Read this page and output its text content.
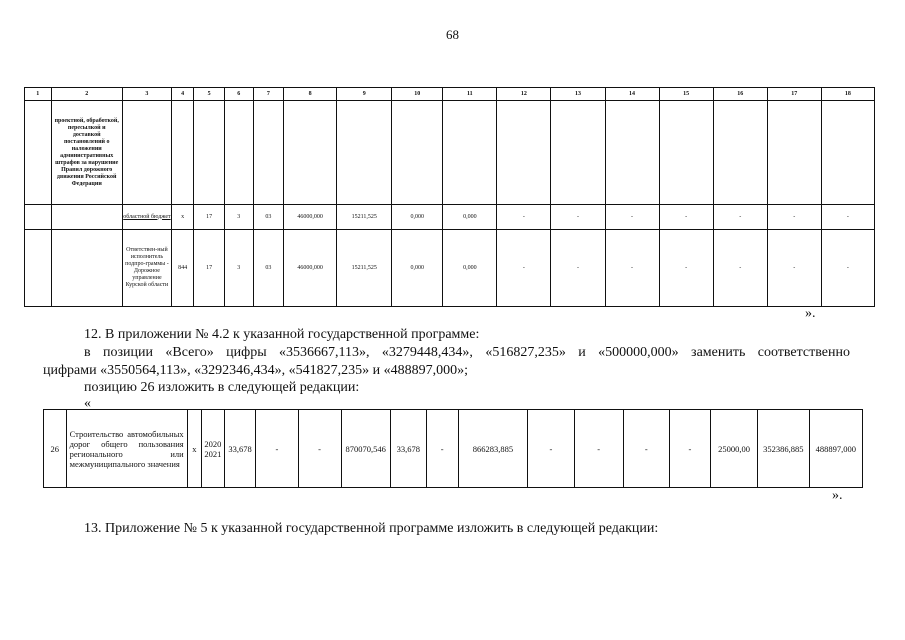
68
1	2	3	4	5	6	7	8	9	10	11	12	13	14	15	16	17	18
	проектной, обработкой, пересылкой и доставкой постановлений о наложении административных штрафов за нарушение Правил дорожного движения Российской Федерации																
		областной бюджет	х	17	3	03	46000,000	15211,525	0,000	0,000	-	-	-	-	-	-	-
		Ответствен-ный исполнитель подпро-граммы - Дорожное управление Курской области	844	17	3	03	46000,000	15211,525	0,000	0,000	-	-	-	-	-	-	-
».
12. В приложении № 4.2 к указанной государственной программе:
в позиции «Всего» цифры «3536667,113», «3279448,434», «516827,235» и «500000,000» заменить соответственно
цифрами «3550564,113», «3292346,434», «541827,235» и «488897,000»;
позицию 26 изложить в следующей редакции:
«
26	Строительство автомобильных дорог общего пользования регионального или межмуниципального значения	х	2020 2021	33,678	-	-	870070,546	33,678	-	866283,885	-	-	-	-	25000,00	352386,885	488897,000
».
13. Приложение № 5 к указанной государственной программе изложить в следующей редакции:
